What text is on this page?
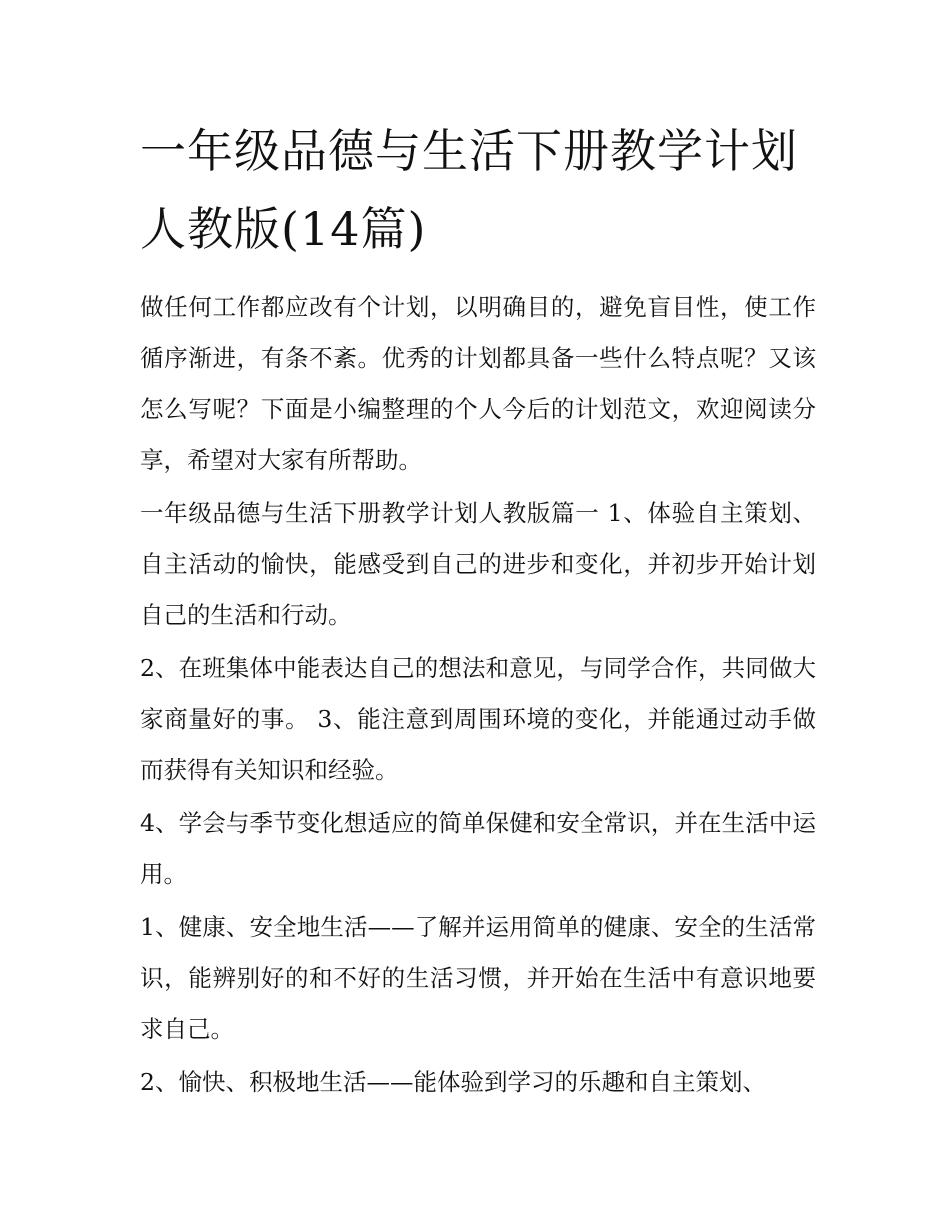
一年级品德与生活下册教学计划人教版(14篇)

做任何工作都应改有个计划，以明确目的，避免盲目性，使工作循序渐进，有条不紊。优秀的计划都具备一些什么特点呢？又该怎么写呢？下面是小编整理的个人今后的计划范文，欢迎阅读分享，希望对大家有所帮助。

一年级品德与生活下册教学计划人教版篇一 1、体验自主策划、自主活动的愉快，能感受到自己的进步和变化，并初步开始计划自己的生活和行动。

2、在班集体中能表达自己的想法和意见，与同学合作，共同做大家商量好的事。 3、能注意到周围环境的变化，并能通过动手做而获得有关知识和经验。

4、学会与季节变化想适应的简单保健和安全常识，并在生活中运用。

1、健康、安全地生活——了解并运用简单的健康、安全的生活常识，能辨别好的和不好的生活习惯，并开始在生活中有意识地要求自己。

2、愉快、积极地生活——能体验到学习的乐趣和自主策划、
